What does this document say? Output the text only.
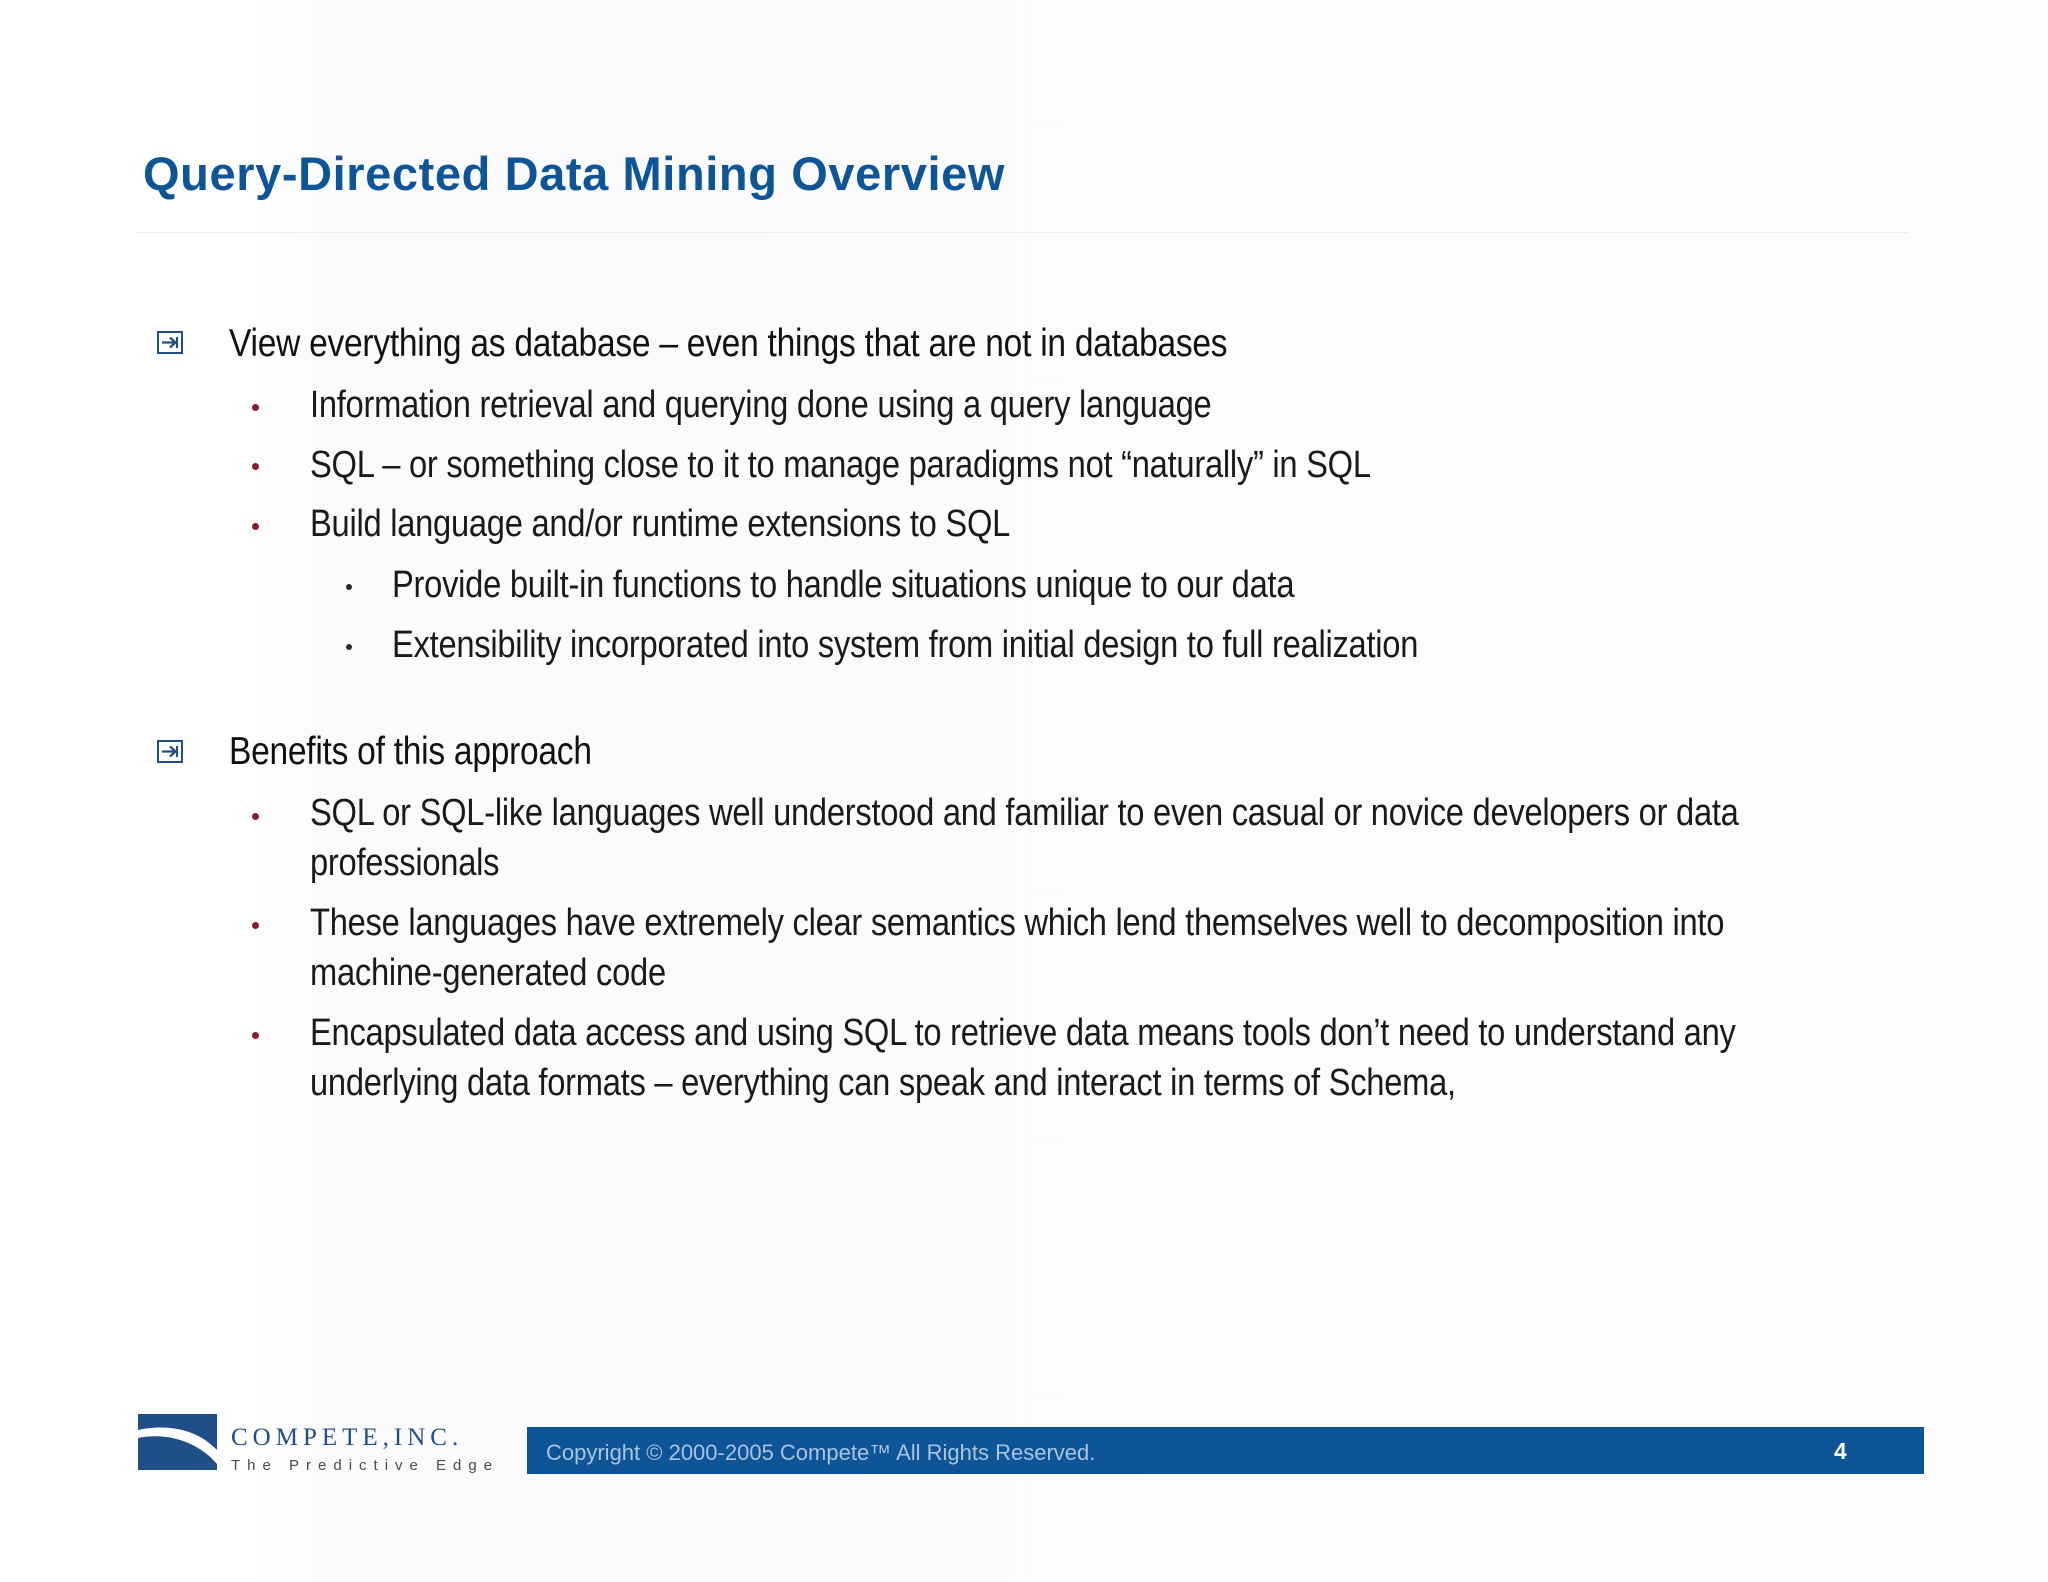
Query-Directed Data Mining Overview
View everything as database – even things that are not in databases
Information retrieval and querying done using a query language
SQL – or something close to it to manage paradigms not “naturally” in SQL
Build language and/or runtime extensions to SQL
Provide built-in functions to handle situations unique to our data
Extensibility incorporated into system from initial design to full realization
Benefits of this approach
SQL or SQL-like languages well understood and familiar to even casual or novice developers or data
professionals
These languages have extremely clear semantics which lend themselves well to decomposition into
machine-generated code
Encapsulated data access and using SQL to retrieve data means tools don’t need to understand any
underlying data formats – everything can speak and interact in terms of Schema,
COMPETE,INC.
The Predictive Edge
Copyright © 2000-2005 Compete™ All Rights Reserved.	4
